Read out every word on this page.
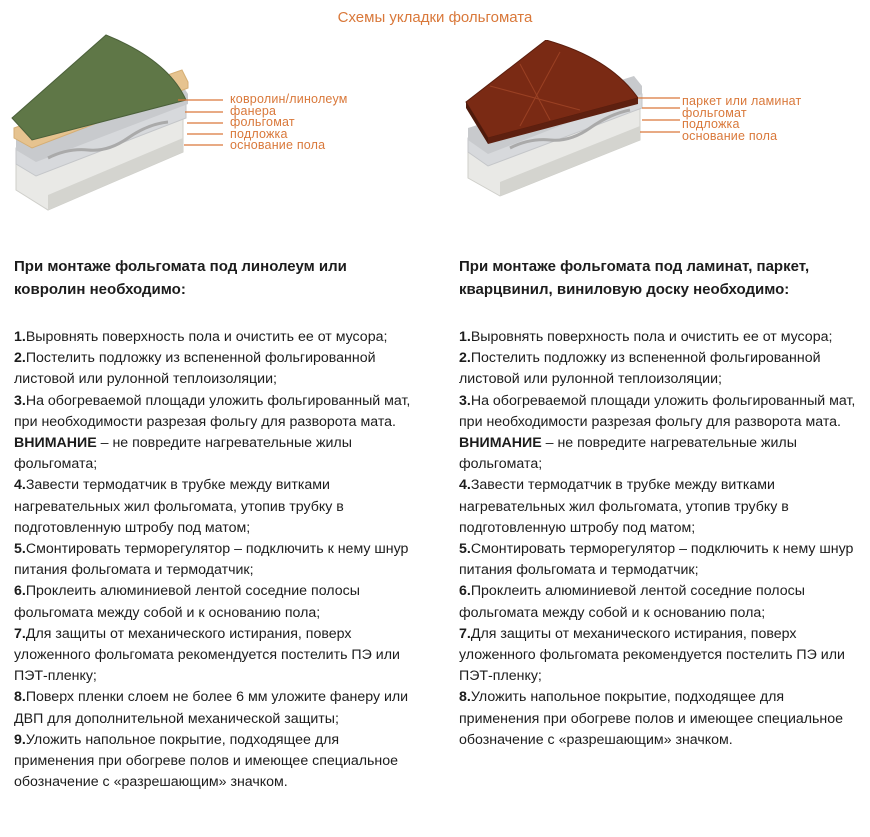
Схемы укладки фольгомата
ковролин/линолеум
фанера
фольгомат
подложка
основание пола
паркет или ламинат
фольгомат
подложка
основание пола

При монтаже фольгомата под линолеум или ковролин необходимо:

1.Выровнять поверхность пола и очистить ее от мусора;

2.Постелить подложку из вспененной фольгированной листовой или рулонной теплоизоляции;

3.На обогреваемой площади уложить фольгированный мат, при необходимости разрезая фольгу для разворота мата.

ВНИМАНИЕ – не повредите нагревательные жилы фольгомата;

4.Завести термодатчик в трубке между витками нагревательных жил фольгомата, утопив трубку в подготовленную штробу под матом;

5.Смонтировать терморегулятор – подключить к нему шнур питания фольгомата и термодатчик;

6.Проклеить алюминиевой лентой соседние полосы фольгомата между собой и к основанию пола;

7.Для защиты от механического истирания, поверх уложенного фольгомата рекомендуется постелить ПЭ или ПЭТ-пленку;

8.Поверх пленки слоем не более 6 мм уложите фанеру или ДВП для дополнительной механической защиты;

9.Уложить напольное покрытие, подходящее для применения при обогреве полов и имеющее специальное обозначение с «разрешающим» значком.

При монтаже фольгомата под ламинат, паркет, кварцвинил, виниловую доску необходимо:

1.Выровнять поверхность пола и очистить ее от мусора;

2.Постелить подложку из вспененной фольгированной листовой или рулонной теплоизоляции;

3.На обогреваемой площади уложить фольгированный мат, при необходимости разрезая фольгу для разворота мата.

ВНИМАНИЕ – не повредите нагревательные жилы фольгомата;

4.Завести термодатчик в трубке между витками нагревательных жил фольгомата, утопив трубку в подготовленную штробу под матом;

5.Смонтировать терморегулятор – подключить к нему шнур питания фольгомата и термодатчик;

6.Проклеить алюминиевой лентой соседние полосы фольгомата между собой и к основанию пола;

7.Для защиты от механического истирания, поверх уложенного фольгомата рекомендуется постелить ПЭ или ПЭТ-пленку;

8.Уложить напольное покрытие, подходящее для применения при обогреве полов и имеющее специальное обозначение с «разрешающим» значком.
